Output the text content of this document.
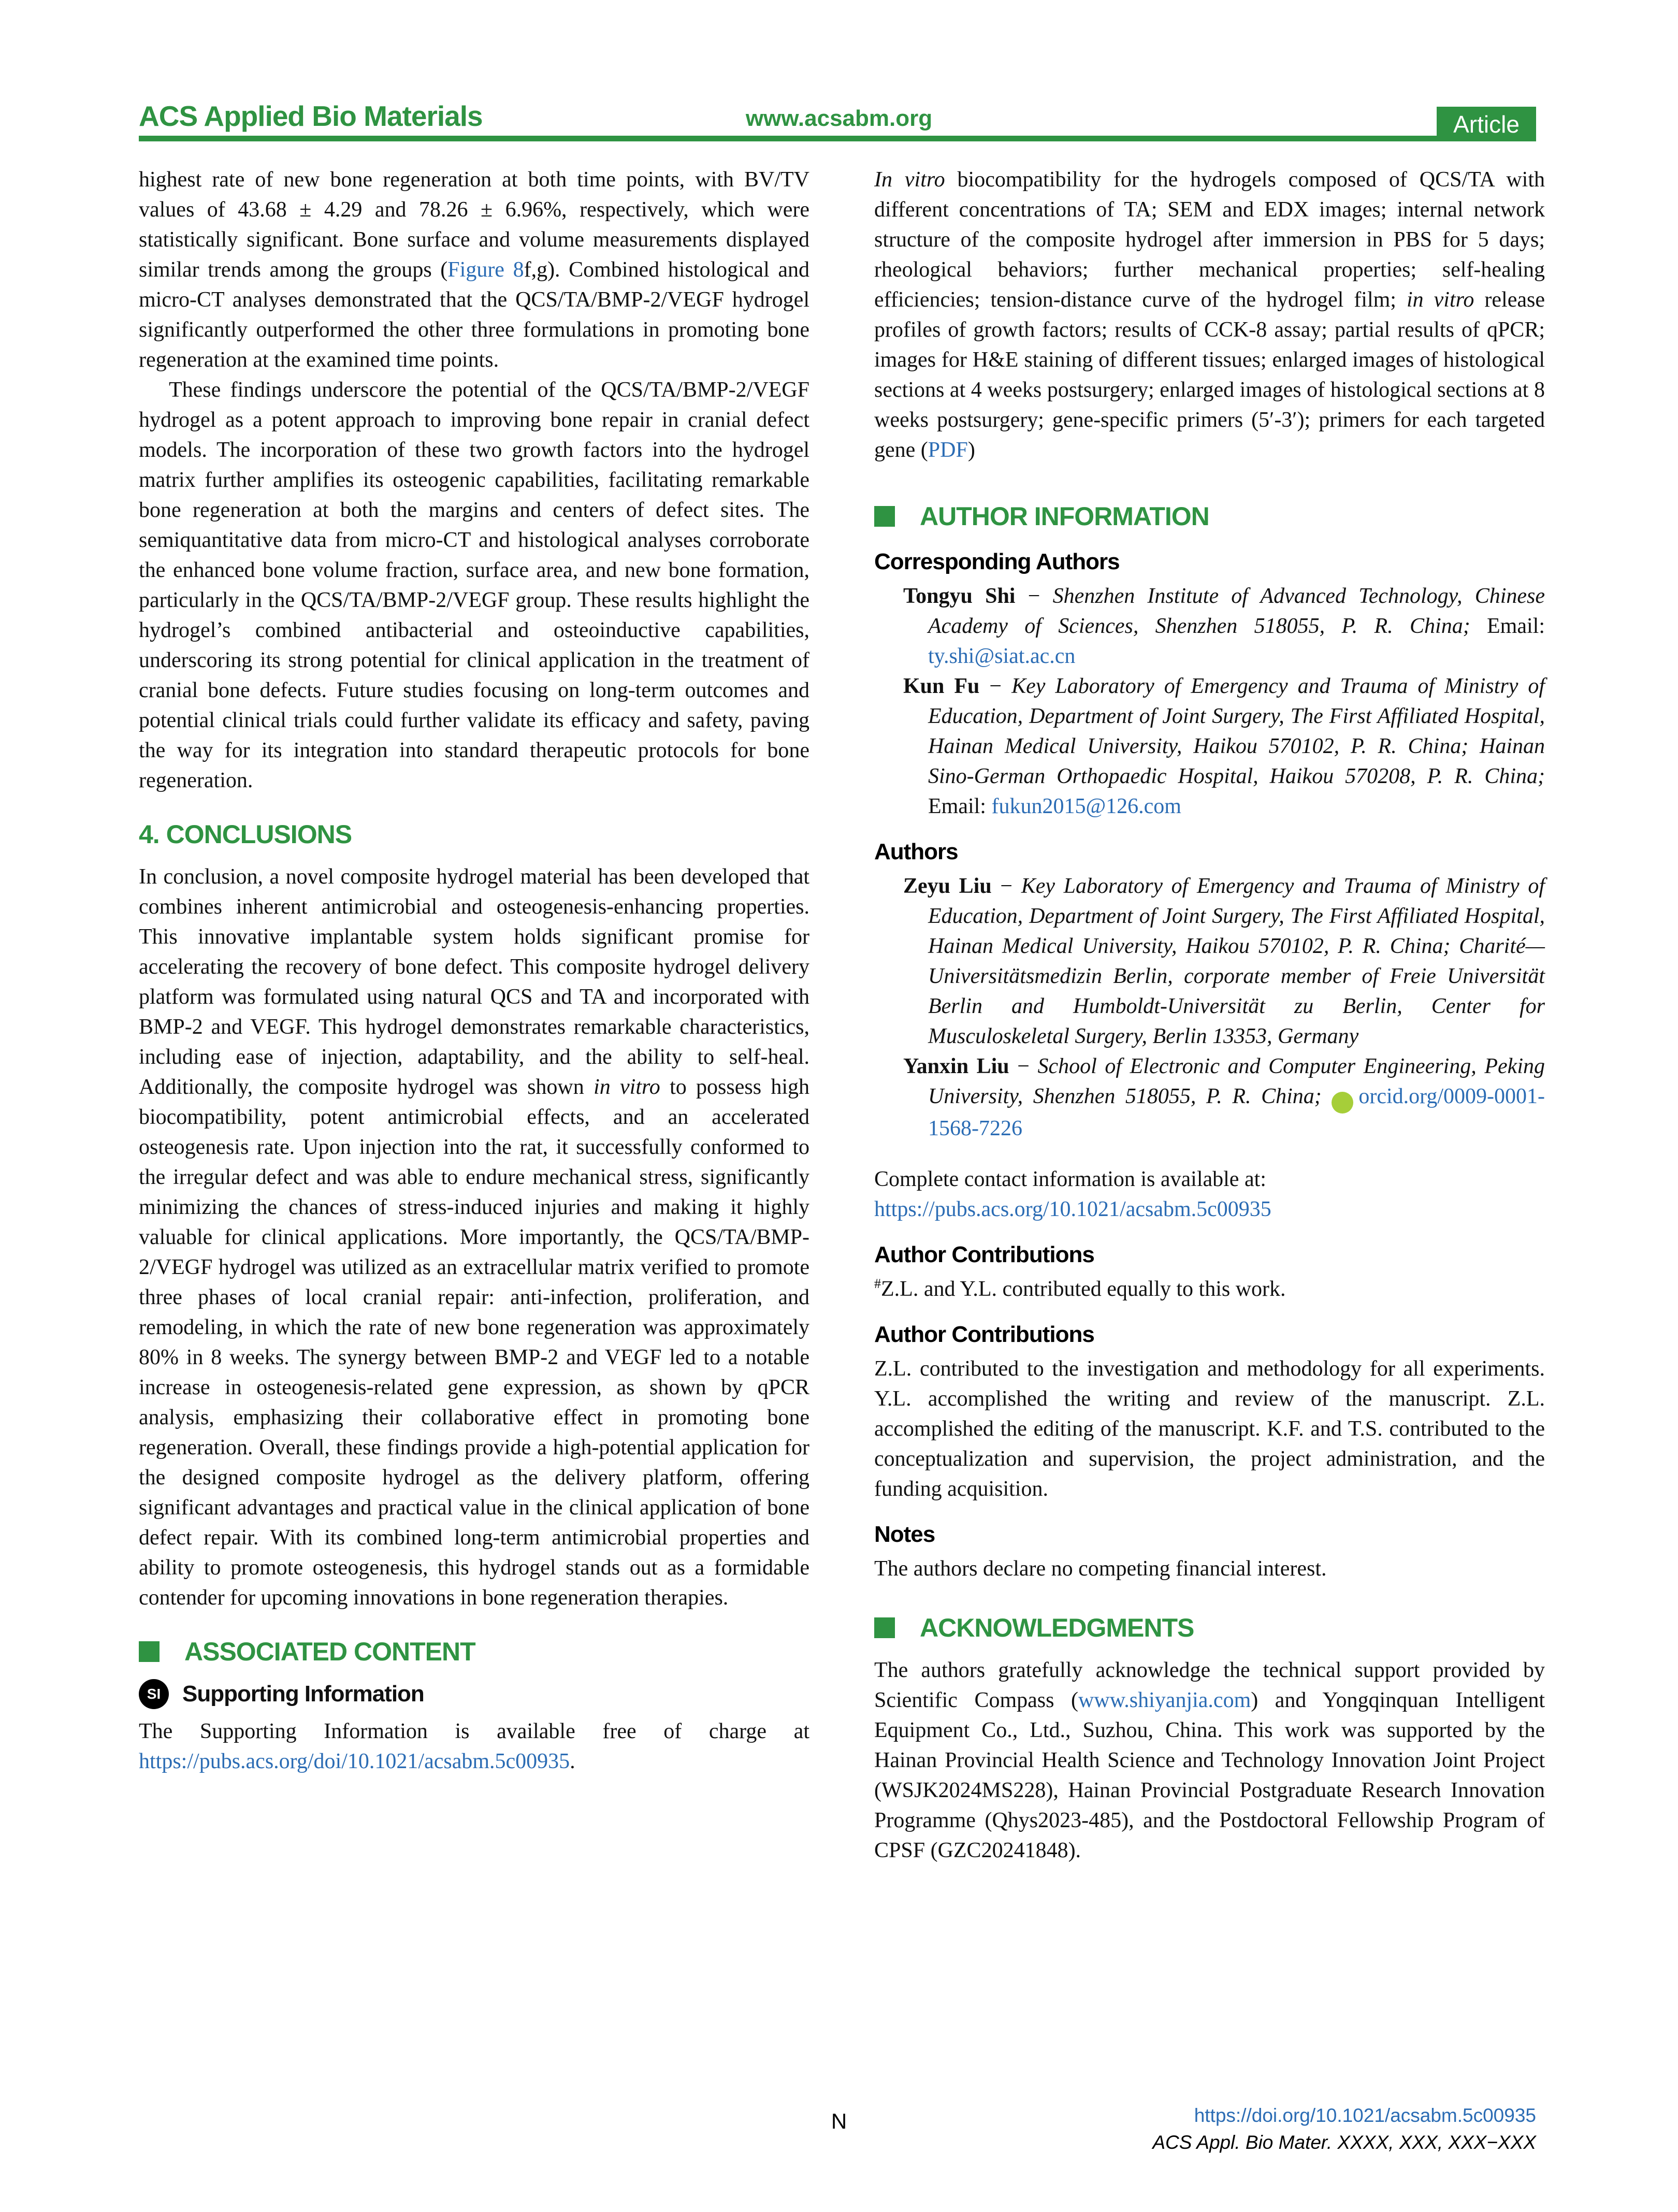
ACS Applied Bio Materials	www.acsabm.org	Article

highest rate of new bone regeneration at both time points, with BV/TV values of 43.68 ± 4.29 and 78.26 ± 6.96%, respectively, which were statistically significant. Bone surface and volume measurements displayed similar trends among the groups (Figure 8f,g). Combined histological and micro-CT analyses demonstrated that the QCS/TA/BMP-2/VEGF hydrogel significantly outperformed the other three formulations in promoting bone regeneration at the examined time points.

These findings underscore the potential of the QCS/TA/BMP-2/VEGF hydrogel as a potent approach to improving bone repair in cranial defect models. The incorporation of these two growth factors into the hydrogel matrix further amplifies its osteogenic capabilities, facilitating remarkable bone regeneration at both the margins and centers of defect sites. The semiquantitative data from micro-CT and histological analyses corroborate the enhanced bone volume fraction, surface area, and new bone formation, particularly in the QCS/TA/BMP-2/VEGF group. These results highlight the hydrogel’s combined antibacterial and osteoinductive capabilities, underscoring its strong potential for clinical application in the treatment of cranial bone defects. Future studies focusing on long-term outcomes and potential clinical trials could further validate its efficacy and safety, paving the way for its integration into standard therapeutic protocols for bone regeneration.

4. CONCLUSIONS

In conclusion, a novel composite hydrogel material has been developed that combines inherent antimicrobial and osteogenesis-enhancing properties. This innovative implantable system holds significant promise for accelerating the recovery of bone defect. This composite hydrogel delivery platform was formulated using natural QCS and TA and incorporated with BMP-2 and VEGF. This hydrogel demonstrates remarkable characteristics, including ease of injection, adaptability, and the ability to self-heal. Additionally, the composite hydrogel was shown in vitro to possess high biocompatibility, potent antimicrobial effects, and an accelerated osteogenesis rate. Upon injection into the rat, it successfully conformed to the irregular defect and was able to endure mechanical stress, significantly minimizing the chances of stress-induced injuries and making it highly valuable for clinical applications. More importantly, the QCS/TA/BMP-2/VEGF hydrogel was utilized as an extracellular matrix verified to promote three phases of local cranial repair: anti-infection, proliferation, and remodeling, in which the rate of new bone regeneration was approximately 80% in 8 weeks. The synergy between BMP-2 and VEGF led to a notable increase in osteogenesis-related gene expression, as shown by qPCR analysis, emphasizing their collaborative effect in promoting bone regeneration. Overall, these findings provide a high-potential application for the designed composite hydrogel as the delivery platform, offering significant advantages and practical value in the clinical application of bone defect repair. With its combined long-term antimicrobial properties and ability to promote osteogenesis, this hydrogel stands out as a formidable contender for upcoming innovations in bone regeneration therapies.

ASSOCIATED CONTENT
SI Supporting Information

The Supporting Information is available free of charge at https://pubs.acs.org/doi/10.1021/acsabm.5c00935.

In vitro biocompatibility for the hydrogels composed of QCS/TA with different concentrations of TA; SEM and EDX images; internal network structure of the composite hydrogel after immersion in PBS for 5 days; rheological behaviors; further mechanical properties; self-healing efficiencies; tension-distance curve of the hydrogel film; in vitro release profiles of growth factors; results of CCK-8 assay; partial results of qPCR; images for H&E staining of different tissues; enlarged images of histological sections at 4 weeks postsurgery; enlarged images of histological sections at 8 weeks postsurgery; gene-specific primers (5′-3′); primers for each targeted gene (PDF)

AUTHOR INFORMATION
Corresponding Authors

Tongyu Shi − Shenzhen Institute of Advanced Technology, Chinese Academy of Sciences, Shenzhen 518055, P. R. China; Email: ty.shi@siat.ac.cn

Kun Fu − Key Laboratory of Emergency and Trauma of Ministry of Education, Department of Joint Surgery, The First Affiliated Hospital, Hainan Medical University, Haikou 570102, P. R. China; Hainan Sino-German Orthopaedic Hospital, Haikou 570208, P. R. China; Email: fukun2015@126.com

Authors

Zeyu Liu − Key Laboratory of Emergency and Trauma of Ministry of Education, Department of Joint Surgery, The First Affiliated Hospital, Hainan Medical University, Haikou 570102, P. R. China; Charité—Universitätsmedizin Berlin, corporate member of Freie Universität Berlin and Humboldt-Universität zu Berlin, Center for Musculoskeletal Surgery, Berlin 13353, Germany

Yanxin Liu − School of Electronic and Computer Engineering, Peking University, Shenzhen 518055, P. R. China; iD orcid.org/0009-0001-1568-7226

Complete contact information is available at:

https://pubs.acs.org/10.1021/acsabm.5c00935

Author Contributions

#Z.L. and Y.L. contributed equally to this work.

Author Contributions

Z.L. contributed to the investigation and methodology for all experiments. Y.L. accomplished the writing and review of the manuscript. Z.L. accomplished the editing of the manuscript. K.F. and T.S. contributed to the conceptualization and supervision, the project administration, and the funding acquisition.

Notes

The authors declare no competing financial interest.

ACKNOWLEDGMENTS

The authors gratefully acknowledge the technical support provided by Scientific Compass (www.shiyanjia.com) and Yongqinquan Intelligent Equipment Co., Ltd., Suzhou, China. This work was supported by the Hainan Provincial Health Science and Technology Innovation Joint Project (WSJK2024MS228), Hainan Provincial Postgraduate Research Innovation Programme (Qhys2023-485), and the Postdoctoral Fellowship Program of CPSF (GZC20241848).

N	https://doi.org/10.1021/acsabm.5c00935
ACS Appl. Bio Mater. XXXX, XXX, XXX−XXX
